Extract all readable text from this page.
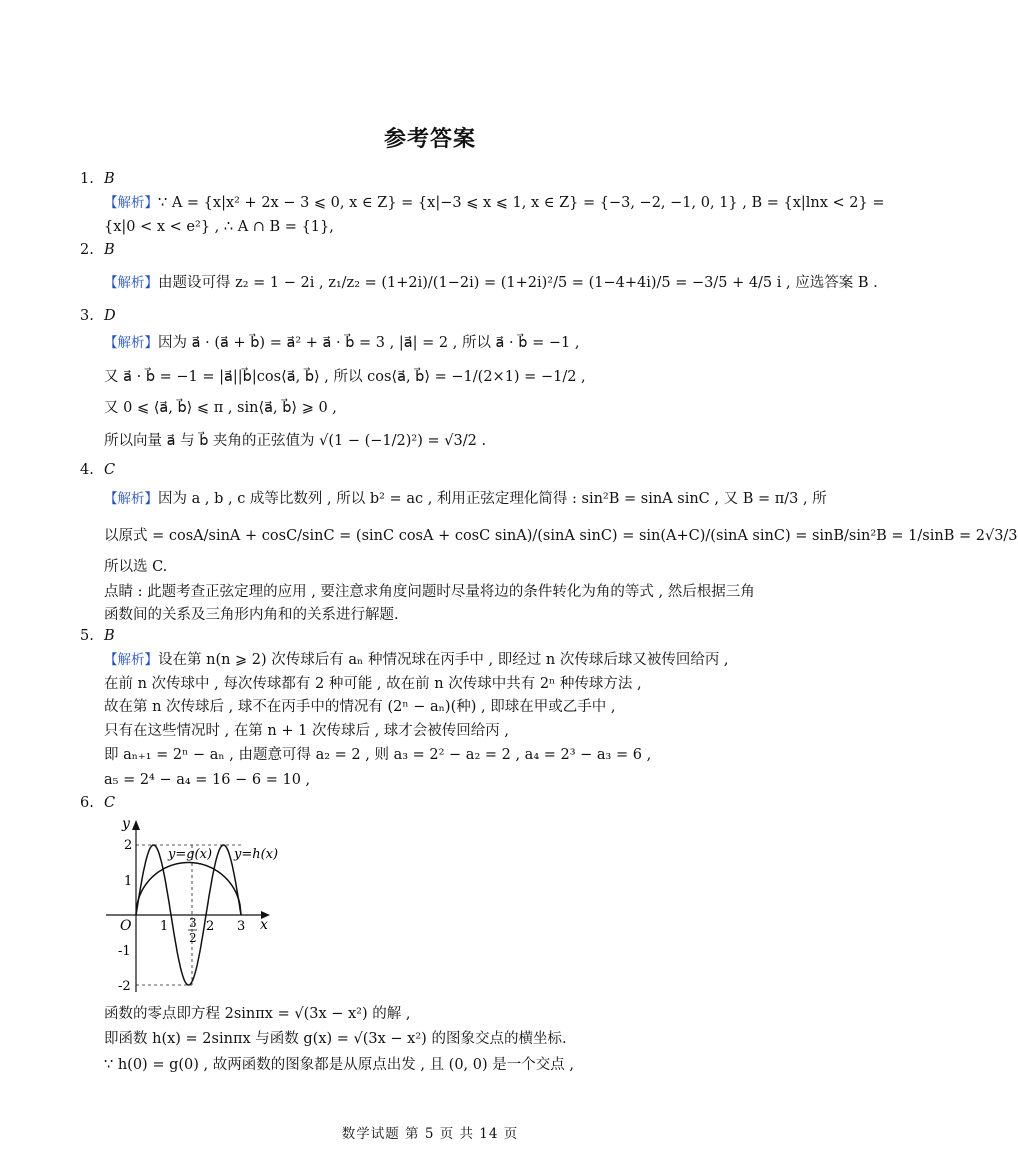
参考答案
1. B
【解析】∵ A = {x|x² + 2x − 3 ⩽ 0, x ∈ Z} = {x|−3 ⩽ x ⩽ 1, x ∈ Z} = {−3, −2, −1, 0, 1} , B = {x|lnx < 2} =
{x|0 < x < e²} , ∴ A ∩ B = {1},
2. B
【解析】由题设可得 z₂ = 1 − 2i , z₁/z₂ = (1+2i)/(1−2i) = (1+2i)²/5 = (1−4+4i)/5 = −3/5 + 4/5 i , 应选答案 B .
3. D
【解析】因为 a⃗ · (a⃗ + b⃗) = a⃗² + a⃗ · b⃗ = 3 , |a⃗| = 2 , 所以 a⃗ · b⃗ = −1 ,
又 a⃗ · b⃗ = −1 = |a⃗||b⃗|cos⟨a⃗, b⃗⟩ , 所以 cos⟨a⃗, b⃗⟩ = −1/(2×1) = −1/2 ,
又 0 ⩽ ⟨a⃗, b⃗⟩ ⩽ π , sin⟨a⃗, b⃗⟩ ⩾ 0 ,
所以向量 a⃗ 与 b⃗ 夹角的正弦值为 √(1 − (−1/2)²) = √3/2 .
4. C
【解析】因为 a , b , c 成等比数列 , 所以 b² = ac , 利用正弦定理化简得 : sin²B = sinA sinC , 又 B = π/3 , 所
以原式 = cosA/sinA + cosC/sinC = (sinC cosA + cosC sinA)/(sinA sinC) = sin(A+C)/(sinA sinC) = sinB/sin²B = 1/sinB = 2√3/3
所以选 C.
点睛 : 此题考查正弦定理的应用 , 要注意求角度问题时尽量将边的条件转化为角的等式 , 然后根据三角
函数间的关系及三角形内角和的关系进行解题.
5. B
【解析】设在第 n(n ⩾ 2) 次传球后有 aₙ 种情况球在丙手中 , 即经过 n 次传球后球又被传回给丙 ,
在前 n 次传球中 , 每次传球都有 2 种可能 , 故在前 n 次传球中共有 2ⁿ 种传球方法 ,
故在第 n 次传球后 , 球不在丙手中的情况有 (2ⁿ − aₙ)(种) , 即球在甲或乙手中 ,
只有在这些情况时 , 在第 n + 1 次传球后 , 球才会被传回给丙 ,
即 aₙ₊₁ = 2ⁿ − aₙ , 由题意可得 a₂ = 2 , 则 a₃ = 2² − a₂ = 2 , a₄ = 2³ − a₃ = 6 ,
a₅ = 2⁴ − a₄ = 16 − 6 = 10 ,
6. C
y
x
O
y=g(x) y=h(x)
2
1
-1
-2
1 3
2
2 3
函数的零点即方程 2sinπx = √(3x − x²) 的解 ,
即函数 h(x) = 2sinπx 与函数 g(x) = √(3x − x²) 的图象交点的横坐标.
∵ h(0) = g(0) , 故两函数的图象都是从原点出发 , 且 (0, 0) 是一个交点 ,
数学试题 第 5 页 共 14 页
